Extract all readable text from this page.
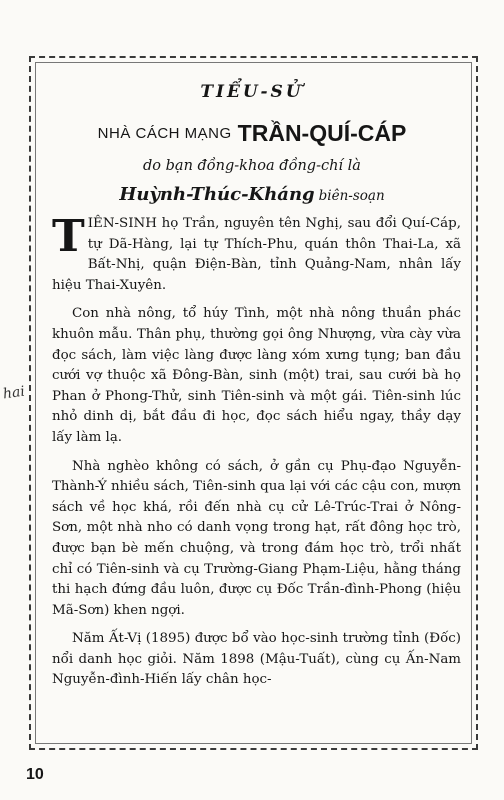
TIỂU-SỬ
NHÀ CÁCH MẠNG TRẦN-QUÍ-CÁP
do bạn đồng-khoa đồng-chí là
Huỳnh-Thúc-Kháng biên-soạn

TIÊN-SINH họ Trần, nguyên tên Nghị, sau đổi Quí-Cáp, tự Dã-Hàng, lại tự Thích-Phu, quán thôn Thai-La, xã Bất-Nhị, quận Điện-Bàn, tỉnh Quảng-Nam, nhân lấy hiệu Thai-Xuyên.

Con nhà nông, tổ húy Tình, một nhà nông thuần phác khuôn mẫu. Thân phụ, thường gọi ông Nhượng, vừa cày vừa đọc sách, làm việc làng được làng xóm xưng tụng; ban đầu cưới vợ thuộc xã Đông-Bàn, sinh (một) trai, sau cưới bà họ Phan ở Phong-Thử, sinh Tiên-sinh và một gái. Tiên-sinh lúc nhỏ dinh dị, bắt đầu đi học, đọc sách hiểu ngay, thầy dạy lấy làm lạ.

Nhà nghèo không có sách, ở gần cụ Phụ-đạo Nguyễn-Thành-Ý nhiều sách, Tiên-sinh qua lại với các cậu con, mượn sách về học khá, rồi đến nhà cụ cử Lê-Trúc-Trai ở Nông-Sơn, một nhà nho có danh vọng trong hạt, rất đông học trò, được bạn bè mến chuộng, và trong đám học trò, trổi nhất chỉ có Tiên-sinh và cụ Trường-Giang Phạm-Liệu, hằng tháng thi hạch đứng đầu luôn, được cụ Đốc Trần-đình-Phong (hiệu Mã-Sơn) khen ngợi.

Năm Ất-Vị (1895) được bổ vào học-sinh trường tỉnh (Đốc) nổi danh học giỏi. Năm 1898 (Mậu-Tuất), cùng cụ Ấn-Nam Nguyễn-đình-Hiến lấy chân học-

hai
10
